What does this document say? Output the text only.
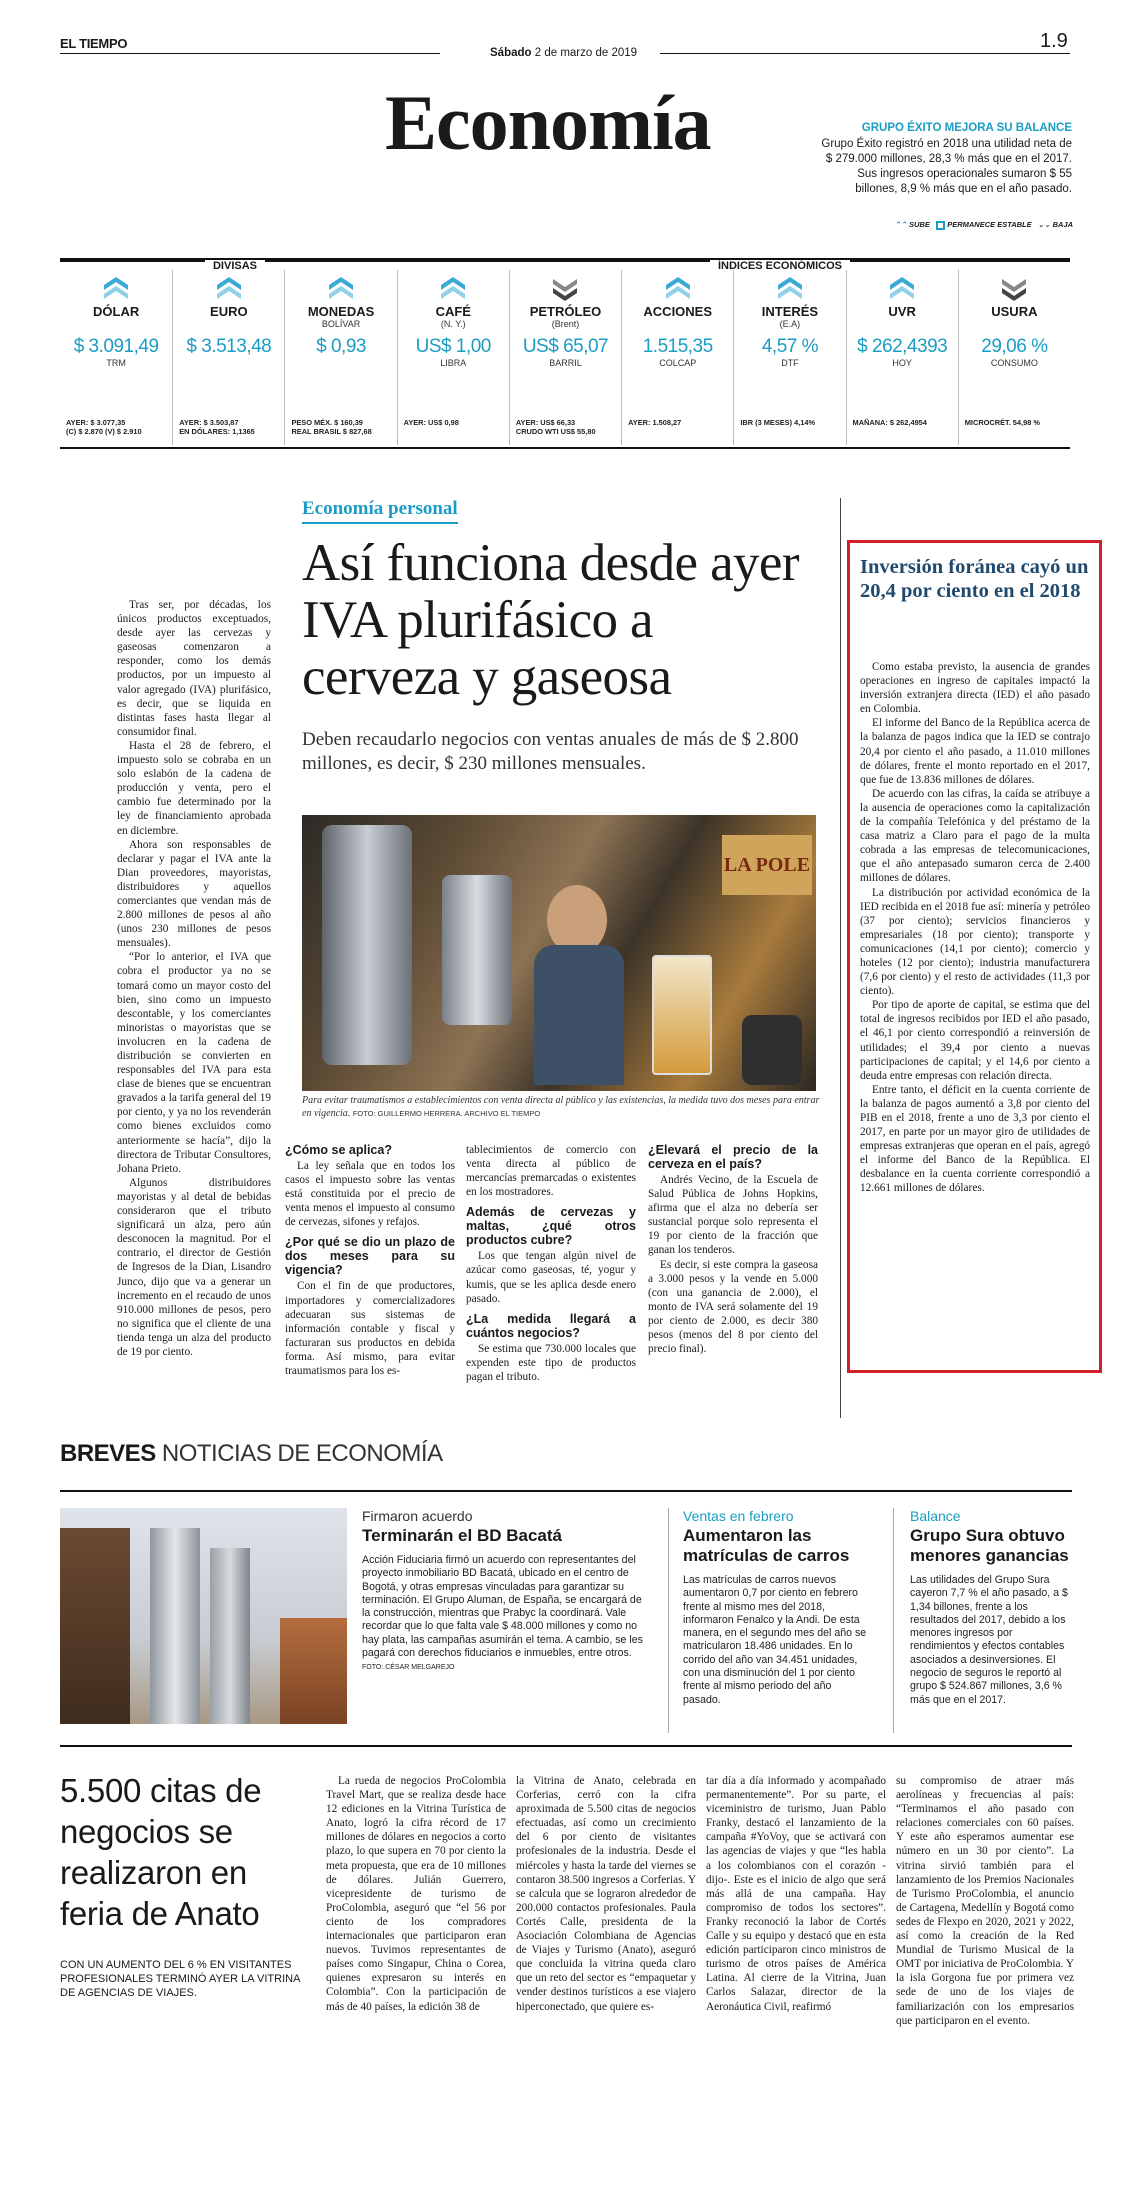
EL TIEMPO
Sábado 2 de marzo de 2019
1.9
Economía	GRUPO ÉXITO MEJORA SU BALANCE
Grupo Éxito registró en 2018 una utilidad neta de $ 279.000 millones, 28,3 % más que en el 2017. Sus ingresos operacionales sumaron $ 55 billones, 8,9 % más que en el año pasado.
⌃⌃ SUBE PERMANECE ESTABLE ⌄⌄ BAJA
DIVISAS	ÍNDICES ECONÓMICOS
DÓLAR
$ 3.091,49
TRM
AYER: $ 3.077,35
(C) $ 2.870 (V) $ 2.910
EURO
$ 3.513,48
AYER: $ 3.503,87
EN DÓLARES: 1,1365
MONEDAS
BOLÍVAR
$ 0,93
PESO MÉX. $ 160,39
REAL BRASIL $ 827,68
CAFÉ
(N. Y.)
US$ 1,00
LIBRA
AYER: US$ 0,98
PETRÓLEO
(Brent)
US$ 65,07
BARRIL
AYER: US$ 66,33
CRUDO WTI US$ 55,80
ACCIONES
1.515,35
COLCAP
AYER: 1.508,27
INTERÉS
(E.A)
4,57 %
DTF
IBR (3 MESES) 4,14%
UVR
$ 262,4393
HOY
MAÑANA: $ 262,4954
USURA
29,06 %
CONSUMO
MICROCRÉT. 54,98 %
Economía personal
Así funciona desde ayer IVA plurifásico a cerveza y gaseosa
Deben recaudarlo negocios con ventas anuales de más de $ 2.800 millones, es decir, $ 230 millones mensuales.
LA POLE
Para evitar traumatismos a establecimientos con venta directa al público y las existencias, la medida tuvo dos meses para entrar en vigencia. FOTO: GUILLERMO HERRERA. ARCHIVO EL TIEMPO

Tras ser, por décadas, los únicos productos exceptuados, desde ayer las cervezas y gaseosas comenzaron a responder, como los demás productos, por un impuesto al valor agregado (IVA) plurifásico, es decir, que se liquida en distintas fases hasta llegar al consumidor final.

Hasta el 28 de febrero, el impuesto solo se cobraba en un solo eslabón de la cadena de producción y venta, pero el cambio fue determinado por la ley de financiamiento aprobada en diciembre.

Ahora son responsables de declarar y pagar el IVA ante la Dian proveedores, mayoristas, distribuidores y aquellos comerciantes que vendan más de 2.800 millones de pesos al año (unos 230 millones de pesos mensuales).

“Por lo anterior, el IVA que cobra el productor ya no se tomará como un mayor costo del bien, sino como un impuesto descontable, y los comerciantes minoristas o mayoristas que se involucren en la cadena de distribución se convierten en responsables del IVA para esta clase de bienes que se encuentran gravados a la tarifa general del 19 por ciento, y ya no los revenderán como bienes excluidos como anteriormente se hacía”, dijo la directora de Tributar Consultores, Johana Prieto.

Algunos distribuidores mayoristas y al detal de bebidas consideraron que el tributo significará un alza, pero aún desconocen la magnitud. Por el contrario, el director de Gestión de Ingresos de la Dian, Lisandro Junco, dijo que va a generar un incremento en el recaudo de unos 910.000 millones de pesos, pero no significa que el cliente de una tienda tenga un alza del producto de 19 por ciento.

¿Cómo se aplica?

La ley señala que en todos los casos el impuesto sobre las ventas está constituida por el precio de venta menos el impuesto al consumo de cervezas, sifones y refajos.

¿Por qué se dio un plazo de dos meses para su vigencia?

Con el fin de que productores, importadores y comercializadores adecuaran sus sistemas de información contable y fiscal y facturaran sus productos en debida forma. Así mismo, para evitar traumatismos para los es-

tablecimientos de comercio con venta directa al público de mercancías premarcadas o existentes en los mostradores.

Además de cervezas y maltas, ¿qué otros productos cubre?

Los que tengan algún nivel de azúcar como gaseosas, té, yogur y kumis, que se les aplica desde enero pasado.

¿La medida llegará a cuántos negocios?

Se estima que 730.000 locales que expenden este tipo de productos pagan el tributo.

¿Elevará el precio de la cerveza en el país?

Andrés Vecino, de la Escuela de Salud Pública de Johns Hopkins, afirma que el alza no debería ser sustancial porque solo representa el 19 por ciento de la fracción que ganan los tenderos.

Es decir, si este compra la gaseosa a 3.000 pesos y la vende en 5.000 (con una ganancia de 2.000), el monto de IVA será solamente del 19 por ciento de 2.000, es decir 380 pesos (menos del 8 por ciento del precio final).

Inversión foránea cayó un 20,4 por ciento en el 2018

Como estaba previsto, la ausencia de grandes operaciones en ingreso de capitales impactó la inversión extranjera directa (IED) el año pasado en Colombia.

El informe del Banco de la República acerca de la balanza de pagos indica que la IED se contrajo 20,4 por ciento el año pasado, a 11.010 millones de dólares, frente el monto reportado en el 2017, que fue de 13.836 millones de dólares.

De acuerdo con las cifras, la caída se atribuye a la ausencia de operaciones como la capitalización de la compañía Telefónica y del préstamo de la casa matriz a Claro para el pago de la multa cobrada a las empresas de telecomunicaciones, que el año antepasado sumaron cerca de 2.400 millones de dólares.

La distribución por actividad económica de la IED recibida en el 2018 fue así: minería y petróleo (37 por ciento); servicios financieros y empresariales (18 por ciento); transporte y comunicaciones (14,1 por ciento); comercio y hoteles (12 por ciento); industria manufacturera (7,6 por ciento) y el resto de actividades (11,3 por ciento).

Por tipo de aporte de capital, se estima que del total de ingresos recibidos por IED el año pasado, el 46,1 por ciento correspondió a reinversión de utilidades; el 39,4 por ciento a nuevas participaciones de capital; y el 14,6 por ciento a deuda entre empresas con relación directa.

Entre tanto, el déficit en la cuenta corriente de la balanza de pagos aumentó a 3,8 por ciento del PIB en el 2018, frente a uno de 3,3 por ciento el 2017, en parte por un mayor giro de utilidades de empresas extranjeras que operan en el país, agregó el informe del Banco de la República. El desbalance en la cuenta corriente correspondió a 12.661 millones de dólares.

BREVES NOTICIAS DE ECONOMÍA
Firmaron acuerdo
Terminarán el BD Bacatá
Acción Fiduciaria firmó un acuerdo con representantes del proyecto inmobiliario BD Bacatá, ubicado en el centro de Bogotá, y otras empresas vinculadas para garantizar su terminación. El Grupo Aluman, de España, se encargará de la construcción, mientras que Prabyc la coordinará. Vale recordar que lo que falta vale $ 48.000 millones y como no hay plata, las campañas asumirán el tema. A cambio, se les pagará con derechos fiduciarios e inmuebles, entre otros. FOTO: CÉSAR MELGAREJO
Ventas en febrero
Aumentaron las matrículas de carros
Las matrículas de carros nuevos aumentaron 0,7 por ciento en febrero frente al mismo mes del 2018, informaron Fenalco y la Andi. De esta manera, en el segundo mes del año se matricularon 18.486 unidades. En lo corrido del año van 34.451 unidades, con una disminución del 1 por ciento frente al mismo periodo del año pasado.
Balance
Grupo Sura obtuvo menores ganancias
Las utilidades del Grupo Sura cayeron 7,7 % el año pasado, a $ 1,34 billones, frente a los resultados del 2017, debido a los menores ingresos por rendimientos y efectos contables asociados a desinversiones. El negocio de seguros le reportó al grupo $ 524.867 millones, 3,6 % más que en el 2017.
5.500 citas de negocios se realizaron en feria de Anato
CON UN AUMENTO DEL 6 % EN VISITANTES PROFESIONALES TERMINÓ AYER LA VITRINA DE AGENCIAS DE VIAJES.
La rueda de negocios ProColombia Travel Mart, que se realiza desde hace 12 ediciones en la Vitrina Turística de Anato, logró la cifra récord de 17 millones de dólares en negocios a corto plazo, lo que supera en 70 por ciento la meta propuesta, que era de 10 millones de dólares. Julián Guerrero, vicepresidente de turismo de ProColombia, aseguró que “el 56 por ciento de los compradores internacionales que participaron eran nuevos. Tuvimos representantes de países como Singapur, China o Corea, quienes expresaron su interés en Colombia”. Con la participación de más de 40 países, la edición 38 de
la Vitrina de Anato, celebrada en Corferias, cerró con la cifra aproximada de 5.500 citas de negocios efectuadas, así como un crecimiento del 6 por ciento de visitantes profesionales de la industria. Desde el miércoles y hasta la tarde del viernes se contaron 38.500 ingresos a Corferias. Y se calcula que se lograron alrededor de 200.000 contactos profesionales. Paula Cortés Calle, presidenta de la Asociación Colombiana de Agencias de Viajes y Turismo (Anato), aseguró que concluida la vitrina queda claro que un reto del sector es “empaquetar y vender destinos turísticos a ese viajero hiperconectado, que quiere es-
tar día a día informado y acompañado permanentemente”. Por su parte, el viceministro de turismo, Juan Pablo Franky, destacó el lanzamiento de la campaña #YoVoy, que se activará con las agencias de viajes y que “les habla a los colombianos con el corazón -dijo-. Este es el inicio de algo que será más allá de una campaña. Hay compromiso de todos los sectores”. Franky reconoció la labor de Cortés Calle y su equipo y destacó que en esta edición participaron cinco ministros de turismo de otros países de América Latina. Al cierre de la Vitrina, Juan Carlos Salazar, director de la Aeronáutica Civil, reafirmó
su compromiso de atraer más aerolíneas y frecuencias al país: “Terminamos el año pasado con relaciones comerciales con 60 países. Y este año esperamos aumentar ese número en un 30 por ciento”. La vitrina sirvió también para el lanzamiento de los Premios Nacionales de Turismo ProColombia, el anuncio de Cartagena, Medellín y Bogotá como sedes de Flexpo en 2020, 2021 y 2022, así como la creación de la Red Mundial de Turismo Musical de la OMT por iniciativa de ProColombia. Y la isla Gorgona fue por primera vez sede de uno de los viajes de familiarización con los empresarios que participaron en el evento.
